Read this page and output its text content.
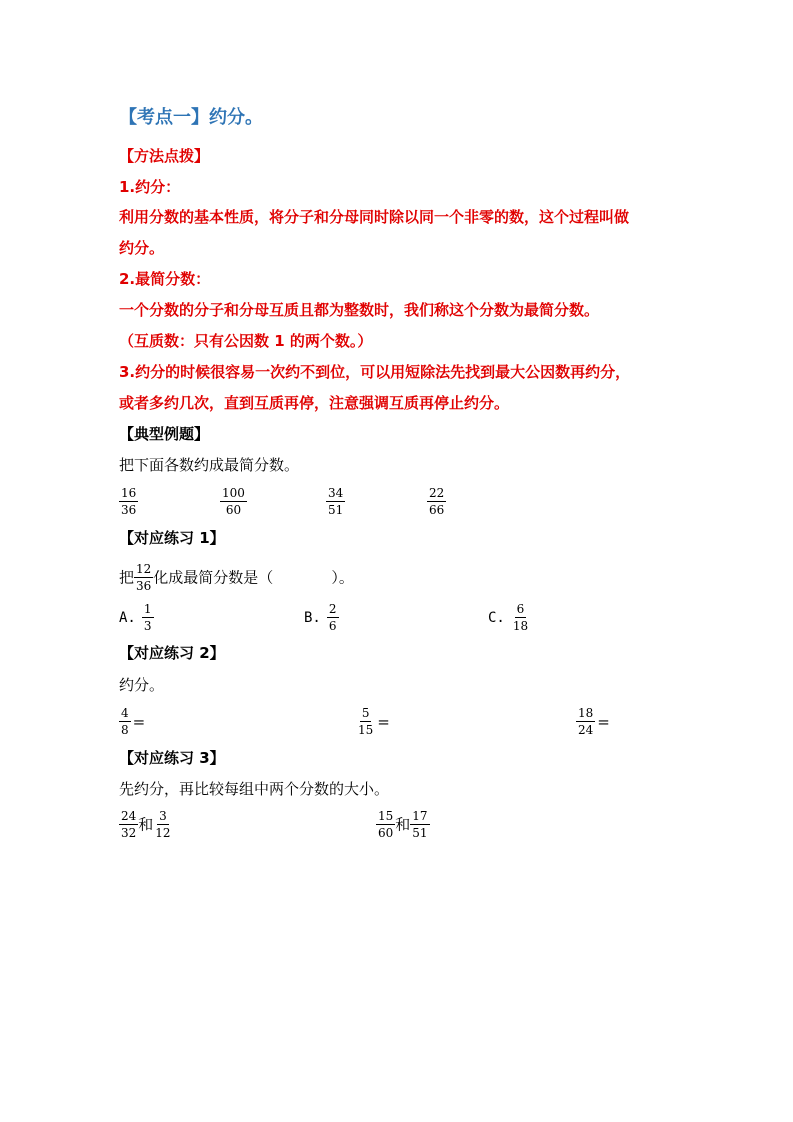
【考点一】约分。
【方法点拨】
1.约分：
利用分数的基本性质，将分子和分母同时除以同一个非零的数，这个过程叫做
约分。
2.最简分数：
一个分数的分子和分母互质且都为整数时，我们称这个分数为最简分数。
（互质数：只有公因数 1 的两个数。）
3.约分的时候很容易一次约不到位，可以用短除法先找到最大公因数再约分，
或者多约几次，直到互质再停，注意强调互质再停止约分。
【典型例题】
把下面各数约成最简分数。
$\frac{16}{36}$	$\frac{100}{60}$	$\frac{34}{51}$	$\frac{22}{66}$
【对应练习 1】
把 $\frac{12}{36}$ 化成最简分数是（	）。
A. $\frac{1}{3}$	B. $\frac{2}{6}$	C. $\frac{6}{18}$
【对应练习 2】
约分。
$\frac{4}{8}$ =	$\frac{5}{15}$ =	$\frac{18}{24}$ =
【对应练习 3】
先约分，再比较每组中两个分数的大小。
$\frac{24}{32}$ 和 $\frac{3}{12}$	$\frac{15}{60}$ 和 $\frac{17}{51}$
